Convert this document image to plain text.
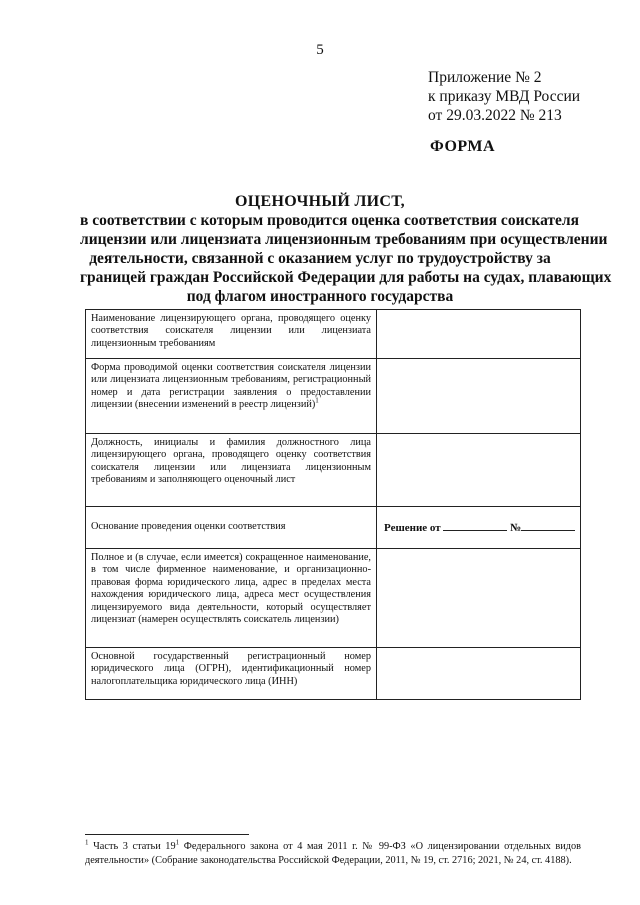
5
Приложение № 2
к приказу МВД России
от 29.03.2022 № 213
ФОРМА
ОЦЕНОЧНЫЙ ЛИСТ,
в соответствии с которым проводится оценка соответствия соискателя
лицензии или лицензиата лицензионным требованиям при осуществлении
деятельности, связанной с оказанием услуг по трудоустройству за
границей граждан Российской Федерации для работы на судах, плавающих
под флагом иностранного государства
Наименование лицензирующего органа, проводящего оценку соответствия соискателя лицензии или лицензиата лицензионным требованиям	
Форма проводимой оценки соответствия соискателя лицензии или лицензиата лицензионным требованиям, регистрационный номер и дата регистрации заявления о предоставлении лицензии (внесении изменений в реестр лицензий)$^1$	
Должность, инициалы и фамилия должностного лица лицензирующего органа, проводящего оценку соответствия соискателя лицензии или лицензиата лицензионным требованиям и заполняющего оценочный лист	
Основание проведения оценки соответствия	Решение от №
Полное и (в случае, если имеется) сокращенное наименование, в том числе фирменное наименование, и организационно-правовая форма юридического лица, адрес в пределах места нахождения юридического лица, адреса мест осуществления лицензируемого вида деятельности, который осуществляет лицензиат (намерен осуществлять соискатель лицензии)	
Основной государственный регистрационный номер юридического лица (ОГРН), идентификационный номер налогоплательщика юридического лица (ИНН)	
$^1$ Часть 3 статьи $19^1$ Федерального закона от 4 мая 2011 г. № 99-ФЗ «О лицензировании отдельных видов деятельности» (Собрание законодательства Российской Федерации, 2011, № 19, ст. 2716; 2021, № 24, ст. 4188).
